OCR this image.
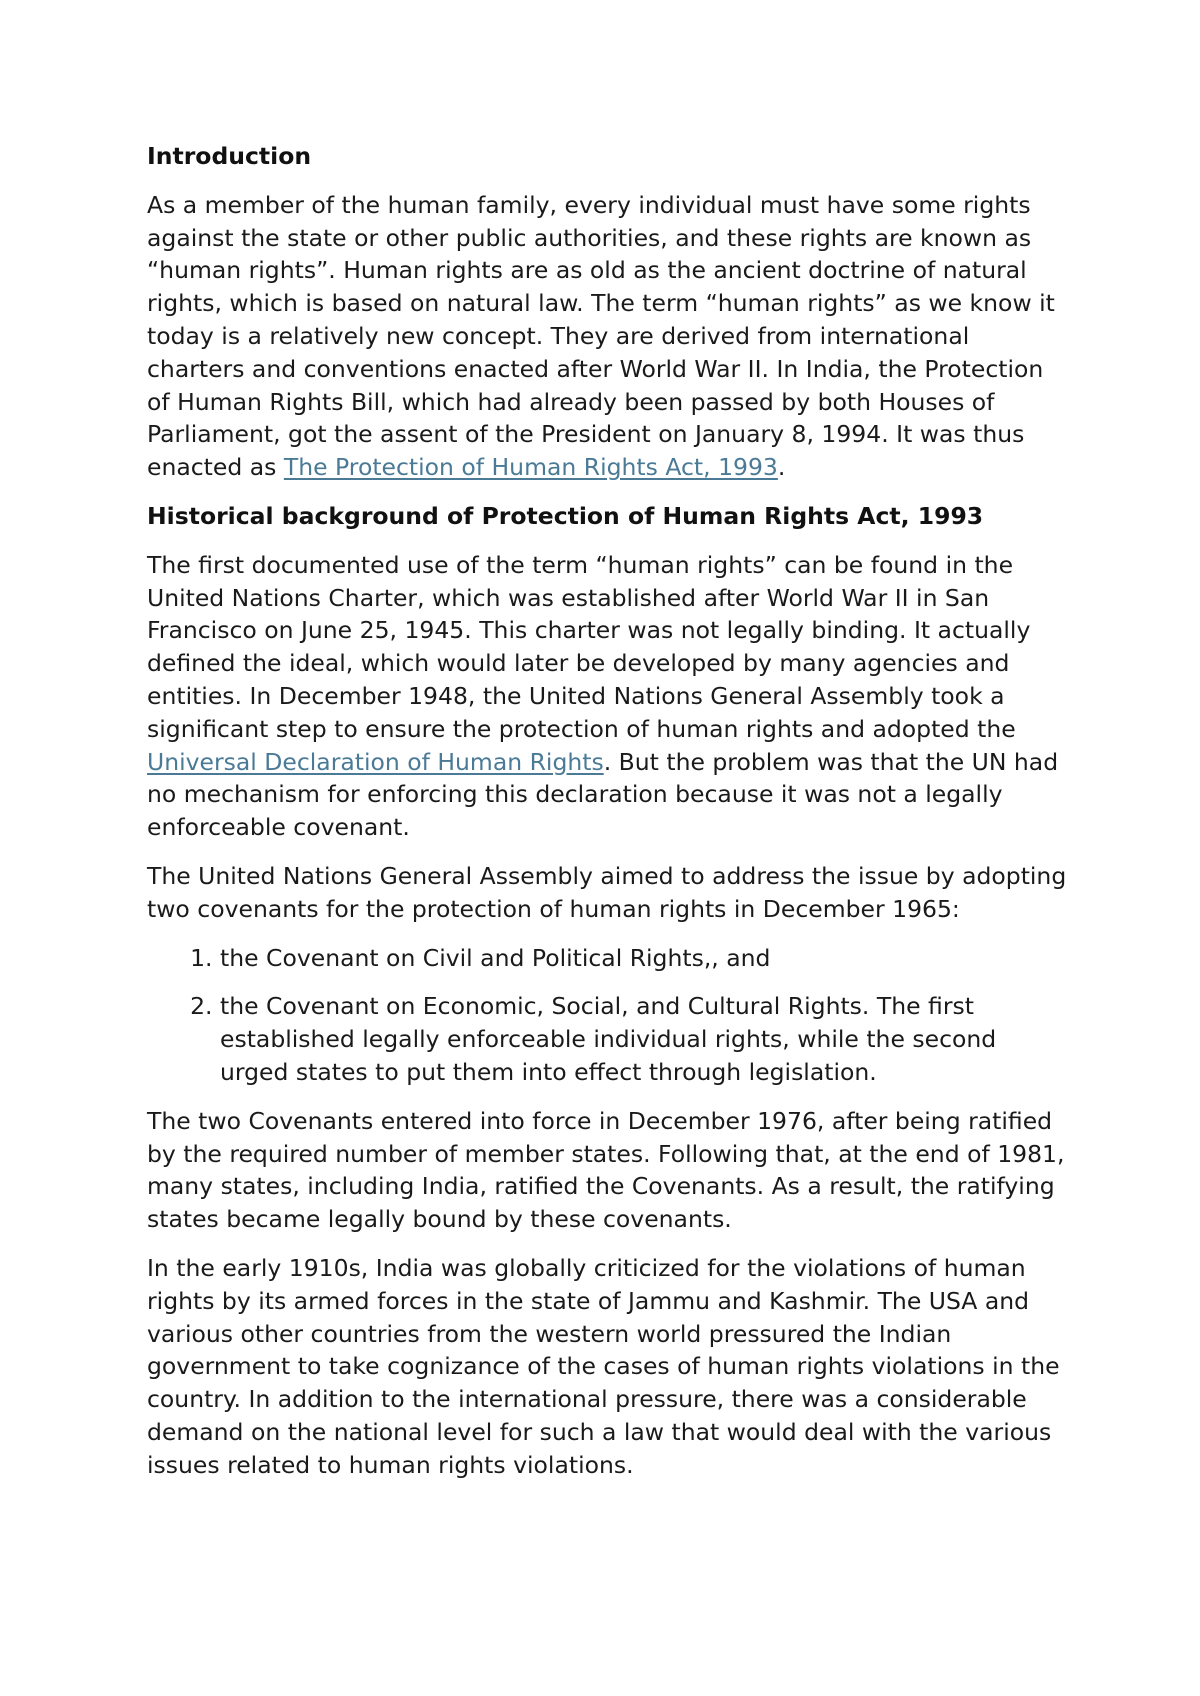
Introduction

As a member of the human family, every individual must have some rights against the state or other public authorities, and these rights are known as “human rights”. Human rights are as old as the ancient doctrine of natural rights, which is based on natural law. The term “human rights” as we know it today is a relatively new concept. They are derived from international charters and conventions enacted after World War II. In India, the Protection of Human Rights Bill, which had already been passed by both Houses of Parliament, got the assent of the President on January 8, 1994. It was thus enacted as The Protection of Human Rights Act, 1993.

Historical background of Protection of Human Rights Act, 1993

The first documented use of the term “human rights” can be found in the United Nations Charter, which was established after World War II in San Francisco on June 25, 1945. This charter was not legally binding. It actually defined the ideal, which would later be developed by many agencies and entities. In December 1948, the United Nations General Assembly took a significant step to ensure the protection of human rights and adopted the Universal Declaration of Human Rights. But the problem was that the UN had no mechanism for enforcing this declaration because it was not a legally enforceable covenant.

The United Nations General Assembly aimed to address the issue by adopting two covenants for the protection of human rights in December 1965:

1. the Covenant on Civil and Political Rights,, and
2. the Covenant on Economic, Social, and Cultural Rights. The first established legally enforceable individual rights, while the second urged states to put them into effect through legislation.

The two Covenants entered into force in December 1976, after being ratified by the required number of member states. Following that, at the end of 1981, many states, including India, ratified the Covenants. As a result, the ratifying states became legally bound by these covenants.

In the early 1910s, India was globally criticized for the violations of human rights by its armed forces in the state of Jammu and Kashmir. The USA and various other countries from the western world pressured the Indian government to take cognizance of the cases of human rights violations in the country. In addition to the international pressure, there was a considerable demand on the national level for such a law that would deal with the various issues related to human rights violations.
